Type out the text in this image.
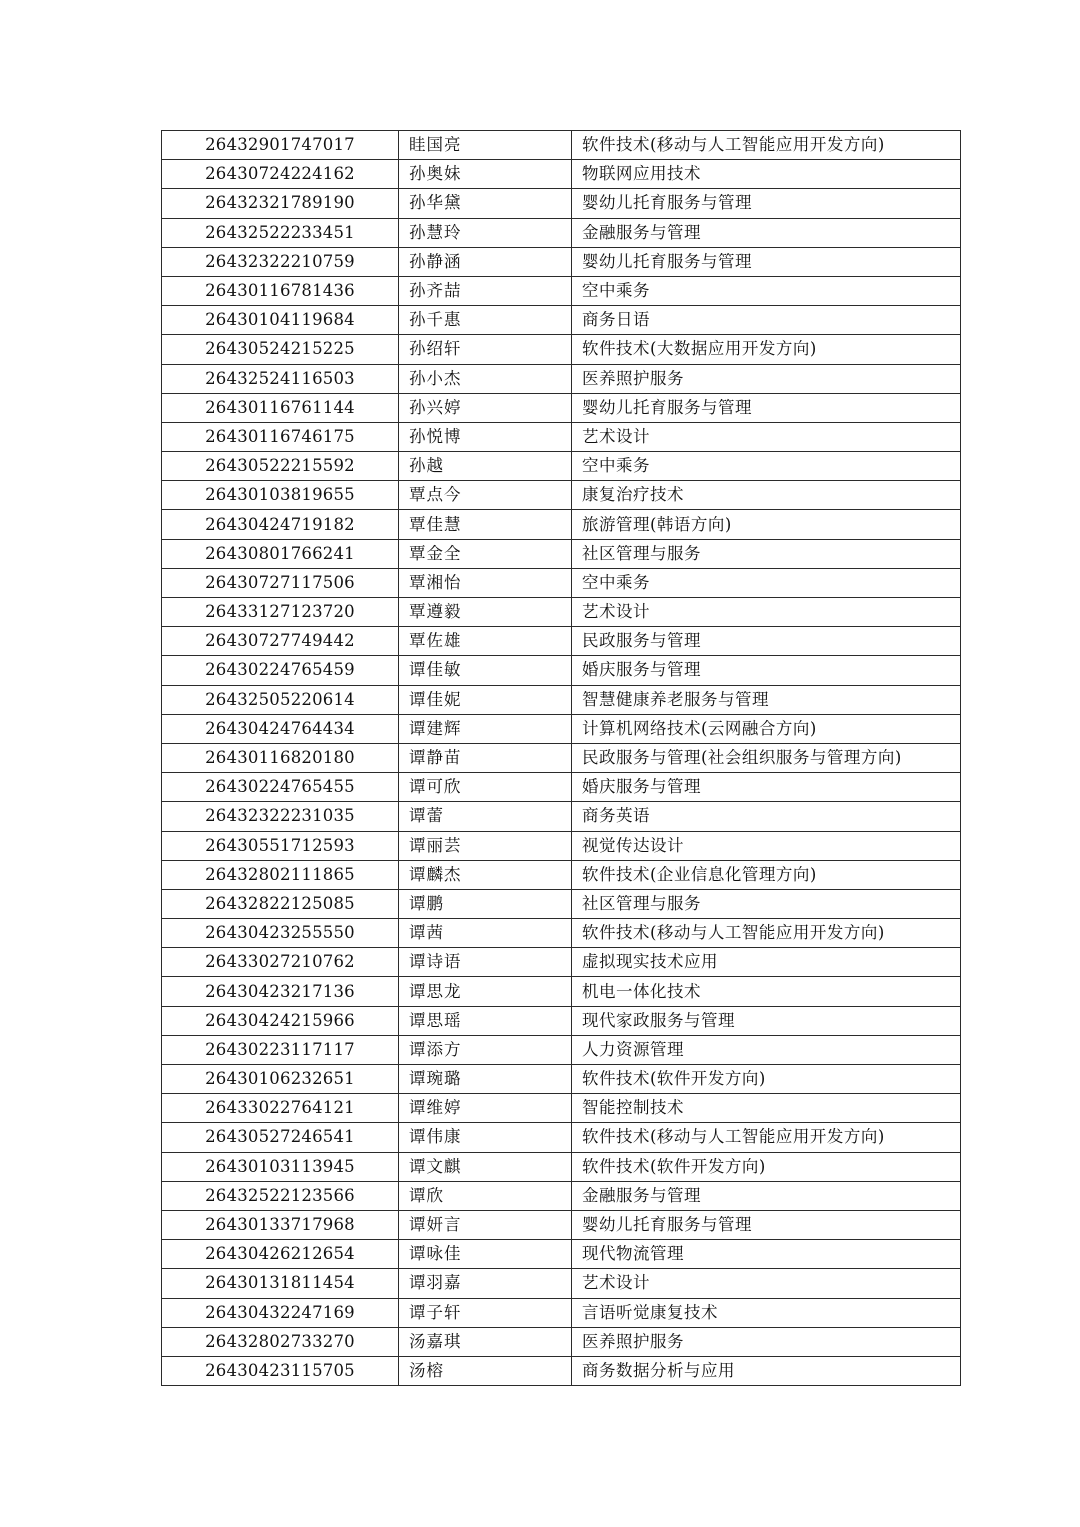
26432901747017	眭国亮	软件技术(移动与人工智能应用开发方向)
26430724224162	孙奥妹	物联网应用技术
26432321789190	孙华黛	婴幼儿托育服务与管理
26432522233451	孙慧玲	金融服务与管理
26432322210759	孙静涵	婴幼儿托育服务与管理
26430116781436	孙齐喆	空中乘务
26430104119684	孙千惠	商务日语
26430524215225	孙绍轩	软件技术(大数据应用开发方向)
26432524116503	孙小杰	医养照护服务
26430116761144	孙兴婷	婴幼儿托育服务与管理
26430116746175	孙悦博	艺术设计
26430522215592	孙越	空中乘务
26430103819655	覃点今	康复治疗技术
26430424719182	覃佳慧	旅游管理(韩语方向)
26430801766241	覃金全	社区管理与服务
26430727117506	覃湘怡	空中乘务
26433127123720	覃遵毅	艺术设计
26430727749442	覃佐雄	民政服务与管理
26430224765459	谭佳敏	婚庆服务与管理
26432505220614	谭佳妮	智慧健康养老服务与管理
26430424764434	谭建辉	计算机网络技术(云网融合方向)
26430116820180	谭静苗	民政服务与管理(社会组织服务与管理方向)
26430224765455	谭可欣	婚庆服务与管理
26432322231035	谭蕾	商务英语
26430551712593	谭丽芸	视觉传达设计
26432802111865	谭麟杰	软件技术(企业信息化管理方向)
26432822125085	谭鹏	社区管理与服务
26430423255550	谭茜	软件技术(移动与人工智能应用开发方向)
26433027210762	谭诗语	虚拟现实技术应用
26430423217136	谭思龙	机电一体化技术
26430424215966	谭思瑶	现代家政服务与管理
26430223117117	谭添方	人力资源管理
26430106232651	谭琬璐	软件技术(软件开发方向)
26433022764121	谭维婷	智能控制技术
26430527246541	谭伟康	软件技术(移动与人工智能应用开发方向)
26430103113945	谭文麒	软件技术(软件开发方向)
26432522123566	谭欣	金融服务与管理
26430133717968	谭妍言	婴幼儿托育服务与管理
26430426212654	谭咏佳	现代物流管理
26430131811454	谭羽嘉	艺术设计
26430432247169	谭子轩	言语听觉康复技术
26432802733270	汤嘉琪	医养照护服务
26430423115705	汤榕	商务数据分析与应用
